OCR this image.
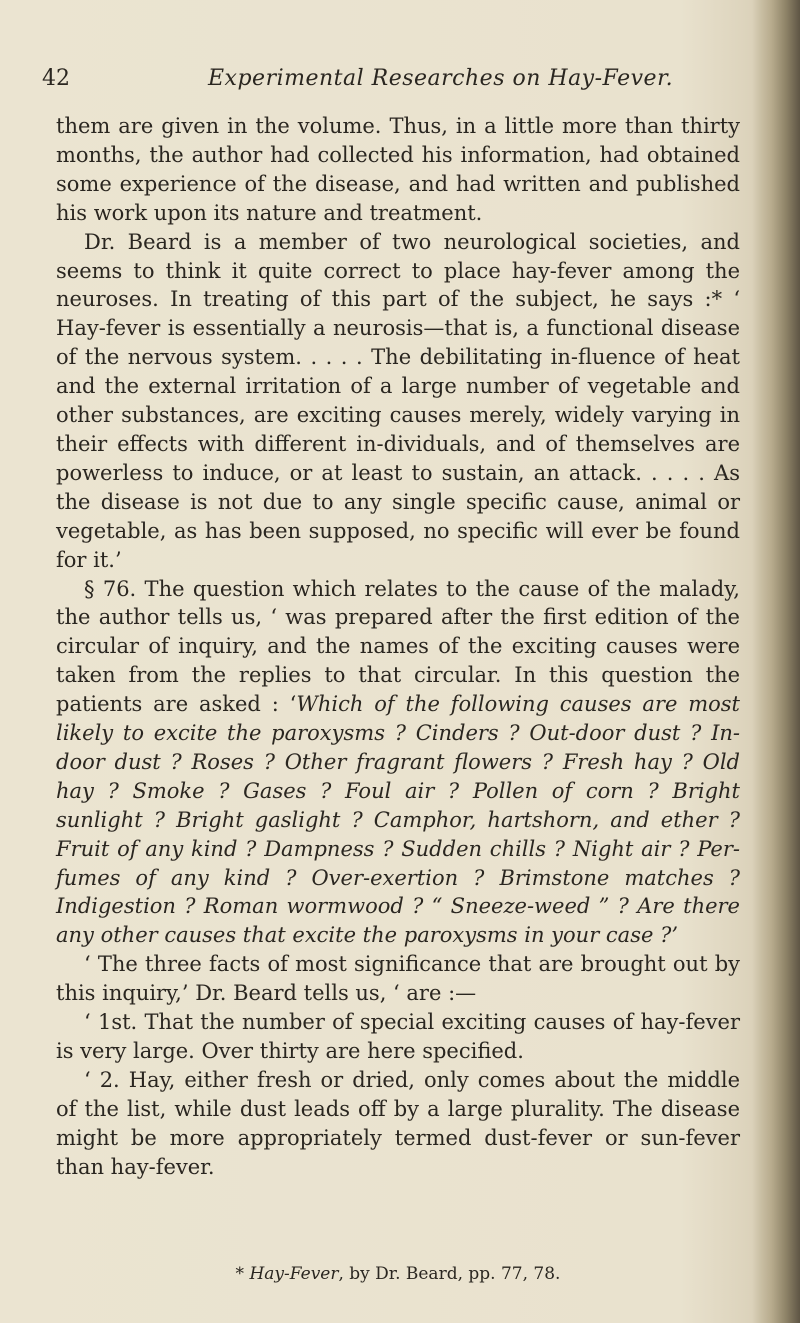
42	Experimental Researches on Hay-Fever.

them are given in the volume. Thus, in a little more than thirty months, the author had collected his information, had obtained some experience of the disease, and had written and published his work upon its nature and treatment.

Dr. Beard is a member of two neurological societies, and seems to think it quite correct to place hay-fever among the neuroses. In treating of this part of the subject, he says :* ‘ Hay-fever is essentially a neurosis—that is, a functional disease of the nervous system. . . . . The debilitating in-fluence of heat and the external irritation of a large number of vegetable and other substances, are exciting causes merely, widely varying in their effects with different in-dividuals, and of themselves are powerless to induce, or at least to sustain, an attack. . . . . As the disease is not due to any single specific cause, animal or vegetable, as has been supposed, no specific will ever be found for it.’

§ 76. The question which relates to the cause of the malady, the author tells us, ‘ was prepared after the first edition of the circular of inquiry, and the names of the exciting causes were taken from the replies to that circular. In this question the patients are asked : ‘Which of the following causes are most likely to excite the paroxysms ? Cinders ? Out-door dust ? In-door dust ? Roses ? Other fragrant flowers ? Fresh hay ? Old hay ? Smoke ? Gases ? Foul air ? Pollen of corn ? Bright sunlight ? Bright gaslight ? Camphor, hartshorn, and ether ? Fruit of any kind ? Dampness ? Sudden chills ? Night air ? Per-fumes of any kind ? Over-exertion ? Brimstone matches ? Indigestion ? Roman wormwood ? “ Sneeze-weed ” ? Are there any other causes that excite the paroxysms in your case ?’

‘ The three facts of most significance that are brought out by this inquiry,’ Dr. Beard tells us, ‘ are :—

‘ 1st. That the number of special exciting causes of hay-fever is very large. Over thirty are here specified.

‘ 2. Hay, either fresh or dried, only comes about the middle of the list, while dust leads off by a large plurality. The disease might be more appropriately termed dust-fever or sun-fever than hay-fever.

* Hay-Fever, by Dr. Beard, pp. 77, 78.
